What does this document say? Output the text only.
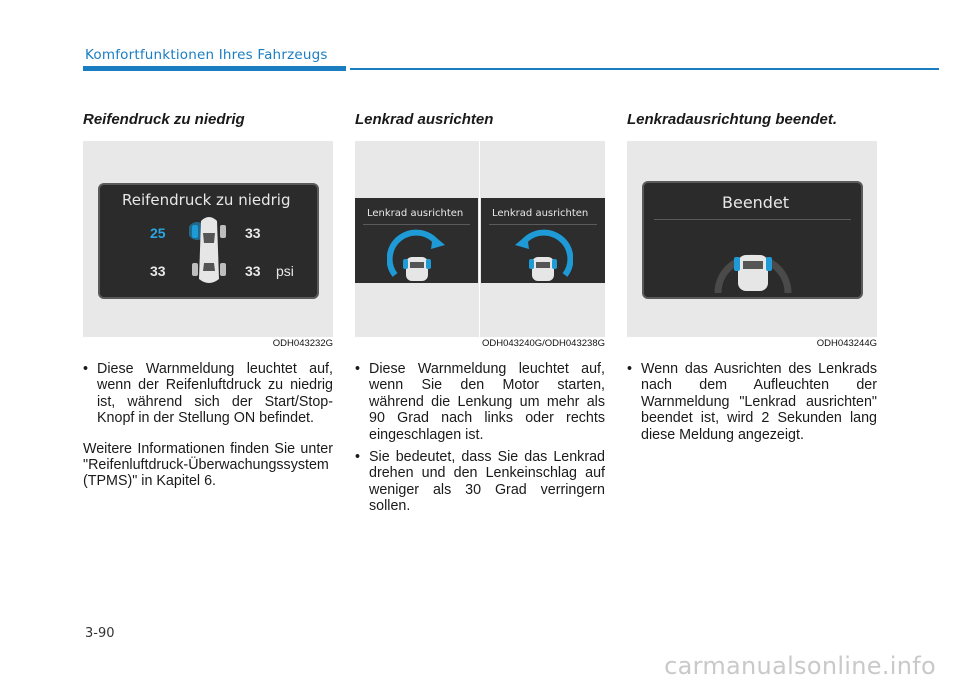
Komfortfunktionen Ihres Fahrzeugs
Reifendruck zu niedrig
Reifendruck zu niedrig
25	33
33	33 psi
ODH043232G
• Diese Warnmeldung leuchtet auf, wenn der Reifenluftdruck zu niedrig ist, während sich der Start/Stop-Knopf in der Stellung ON befindet.
Weitere Informationen finden Sie unter "Reifenluftdruck-Überwachungssystem (TPMS)" in Kapitel 6.
Lenkrad ausrichten
Lenkrad ausrichten	Lenkrad ausrichten
ODH043240G/ODH043238G
• Diese Warnmeldung leuchtet auf, wenn Sie den Motor starten, während die Lenkung um mehr als 90 Grad nach links oder rechts eingeschlagen ist.
• Sie bedeutet, dass Sie das Lenkrad drehen und den Lenkeinschlag auf weniger als 30 Grad verringern sollen.
Lenkradausrichtung beendet.
Beendet
ODH043244G
• Wenn das Ausrichten des Lenkrads nach dem Aufleuchten der Warnmeldung "Lenkrad ausrichten" beendet ist, wird 2 Sekunden lang diese Meldung angezeigt.
3-90
carmanualsonline.info
